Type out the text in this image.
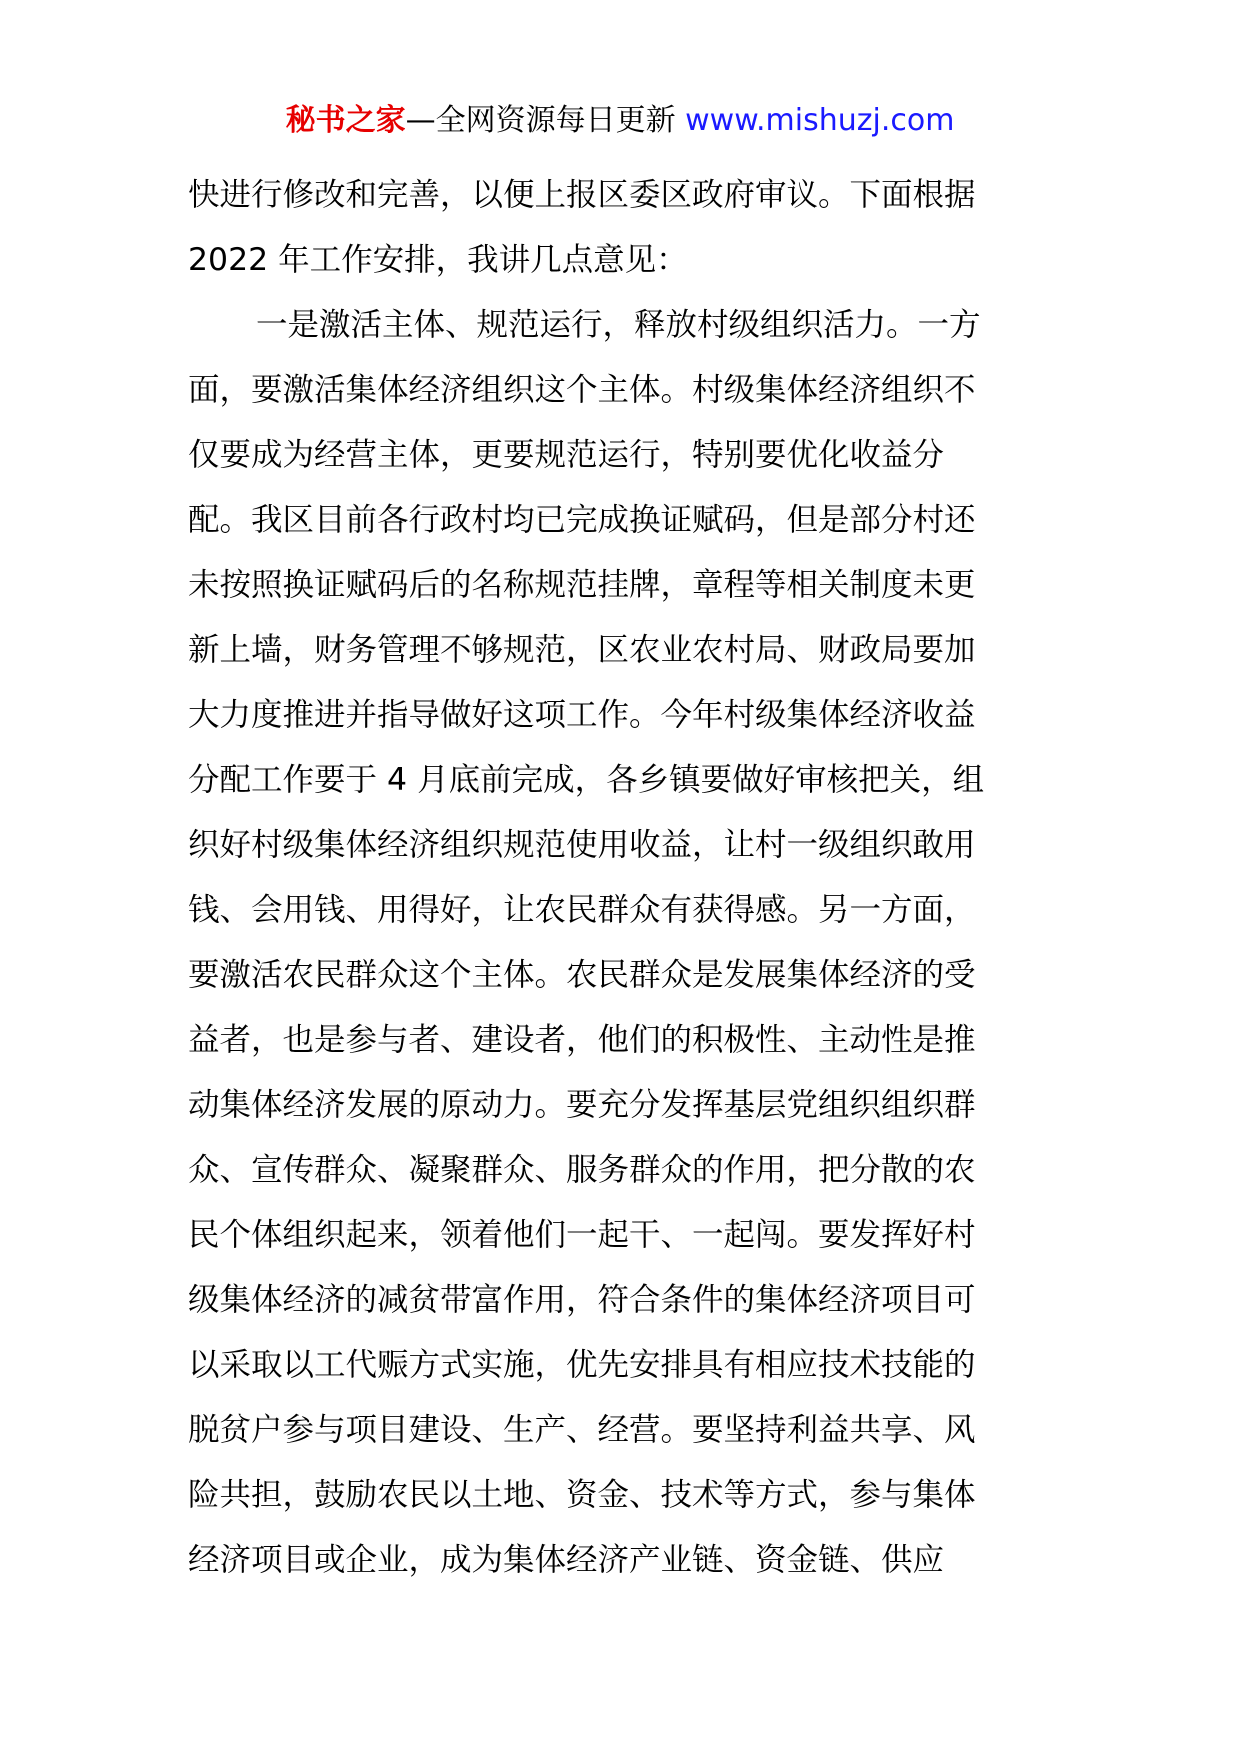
秘书之家—全网资源每日更新 www.mishuzj.com
快进行修改和完善，以便上报区委区政府审议。下面根据
2022 年工作安排，我讲几点意见：
一是激活主体、规范运行，释放村级组织活力。一方
面，要激活集体经济组织这个主体。村级集体经济组织不
仅要成为经营主体，更要规范运行，特别要优化收益分
配。我区目前各行政村均已完成换证赋码，但是部分村还
未按照换证赋码后的名称规范挂牌，章程等相关制度未更
新上墙，财务管理不够规范，区农业农村局、财政局要加
大力度推进并指导做好这项工作。今年村级集体经济收益
分配工作要于 4 月底前完成，各乡镇要做好审核把关，组
织好村级集体经济组织规范使用收益，让村一级组织敢用
钱、会用钱、用得好，让农民群众有获得感。另一方面，
要激活农民群众这个主体。农民群众是发展集体经济的受
益者，也是参与者、建设者，他们的积极性、主动性是推
动集体经济发展的原动力。要充分发挥基层党组织组织群
众、宣传群众、凝聚群众、服务群众的作用，把分散的农
民个体组织起来，领着他们一起干、一起闯。要发挥好村
级集体经济的减贫带富作用，符合条件的集体经济项目可
以采取以工代赈方式实施，优先安排具有相应技术技能的
脱贫户参与项目建设、生产、经营。要坚持利益共享、风
险共担，鼓励农民以土地、资金、技术等方式，参与集体
经济项目或企业，成为集体经济产业链、资金链、供应
